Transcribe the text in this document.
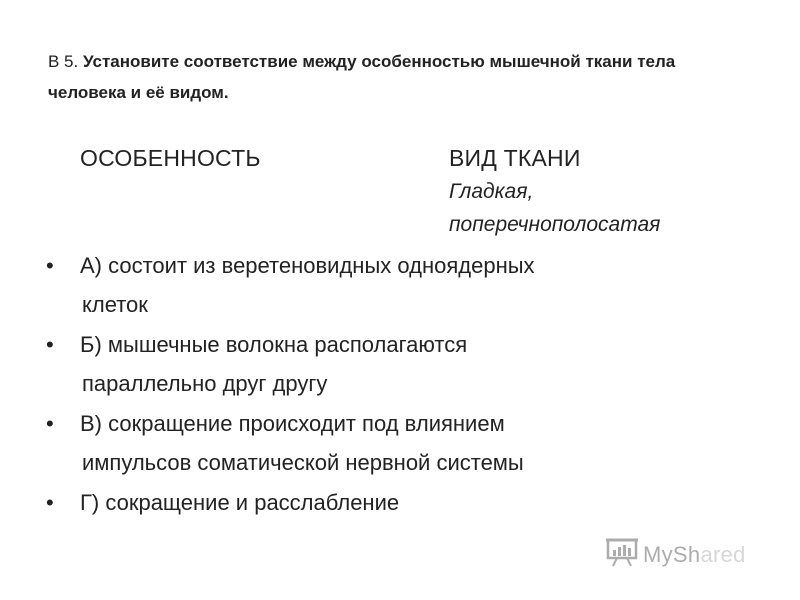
В 5. Установите соответствие между особенностью мышечной ткани тела человека и её видом.
ОСОБЕННОСТЬ	ВИД ТКАНИ
Гладкая,
поперечнополосатая
• А) состоит из веретеновидных одноядерных
клеток
• Б) мышечные волокна располагаются
параллельно друг другу
• В) сокращение происходит под влиянием
импульсов соматической нервной системы
• Г) сокращение и расслабление
MyShared
